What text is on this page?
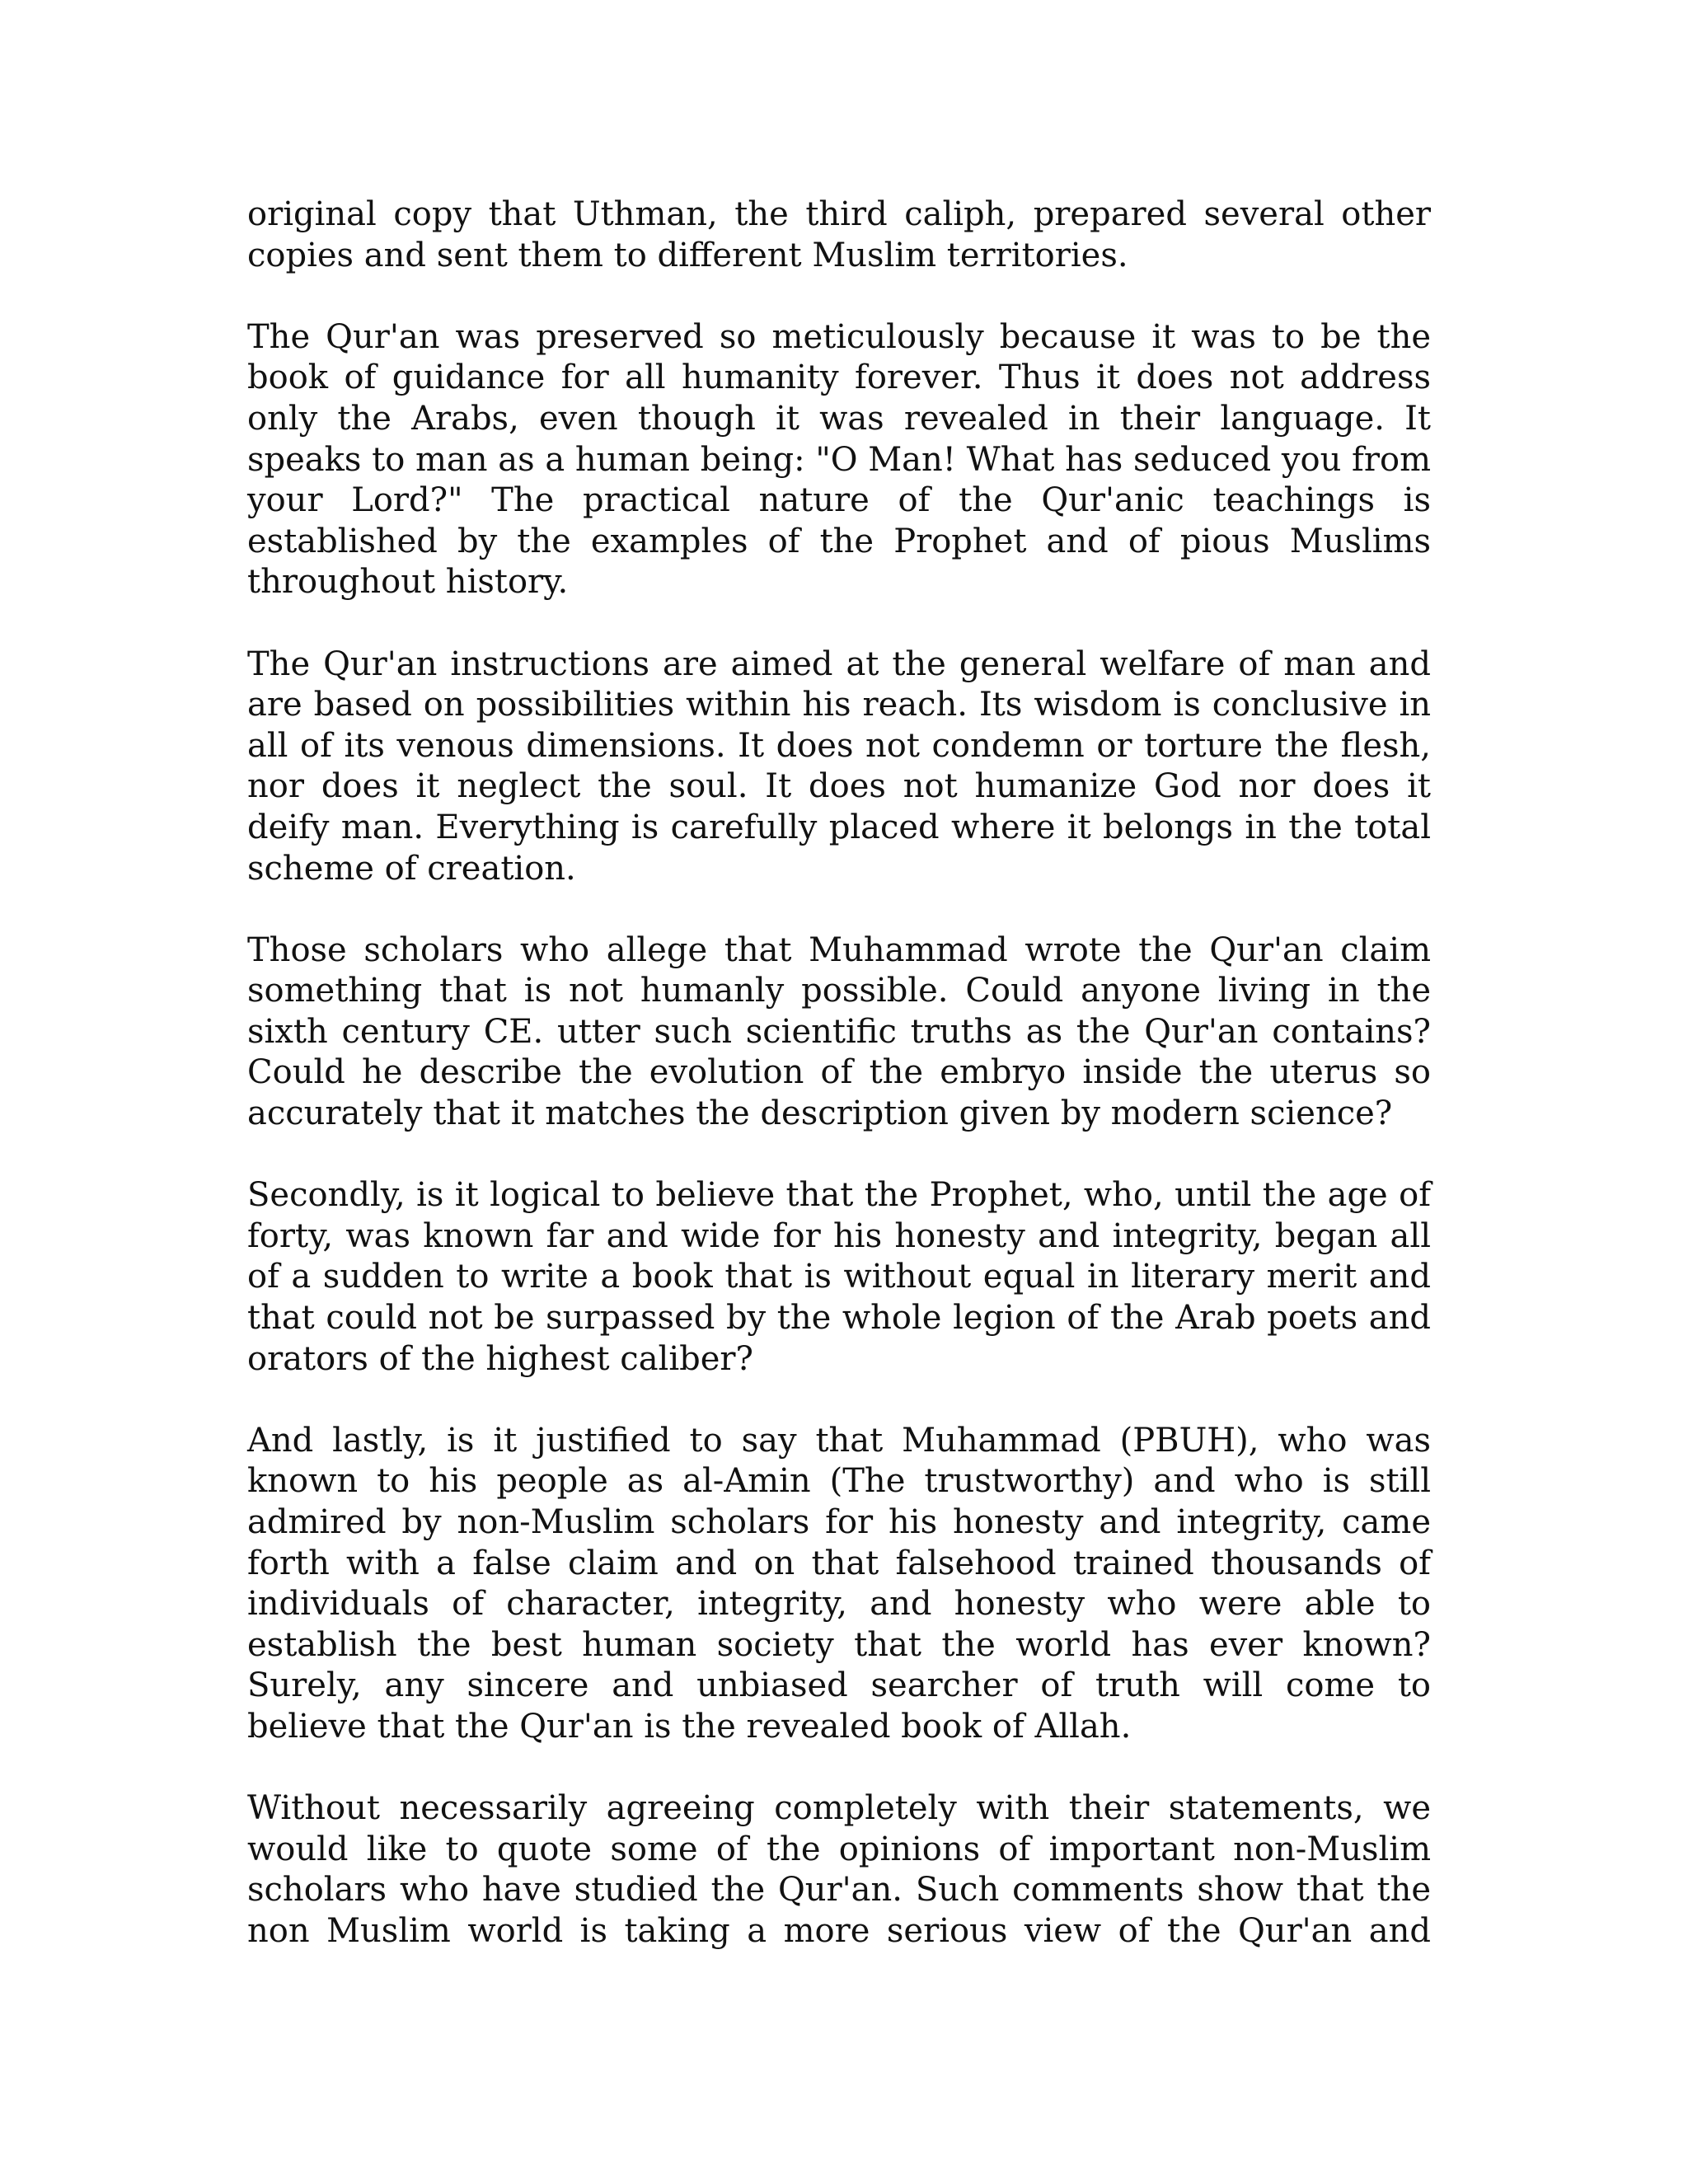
original copy that Uthman, the third caliph, prepared several other copies and sent them to different Muslim territories.

The Qur'an was preserved so meticulously because it was to be the book of guidance for all humanity forever. Thus it does not address only the Arabs, even though it was revealed in their language. It speaks to man as a human being: "O Man! What has seduced you from your Lord?" The practical nature of the Qur'anic teachings is established by the examples of the Prophet and of pious Muslims throughout history.

The Qur'an instructions are aimed at the general welfare of man and are based on possibilities within his reach. Its wisdom is conclusive in all of its venous dimensions. It does not condemn or torture the flesh, nor does it neglect the soul. It does not humanize God nor does it deify man. Everything is carefully placed where it belongs in the total scheme of creation.

Those scholars who allege that Muhammad wrote the Qur'an claim something that is not humanly possible. Could anyone living in the sixth century CE. utter such scientific truths as the Qur'an contains? Could he describe the evolution of the embryo inside the uterus so accurately that it matches the description given by modern science?

Secondly, is it logical to believe that the Prophet, who, until the age of forty, was known far and wide for his honesty and integrity, began all of a sudden to write a book that is without equal in literary merit and that could not be surpassed by the whole legion of the Arab poets and orators of the highest caliber?

And lastly, is it justified to say that Muhammad (PBUH), who was known to his people as al-Amin (The trustworthy) and who is still admired by non-Muslim scholars for his honesty and integrity, came forth with a false claim and on that falsehood trained thousands of individuals of character, integrity, and honesty who were able to establish the best human society that the world has ever known? Surely, any sincere and unbiased searcher of truth will come to believe that the Qur'an is the revealed book of Allah.

Without necessarily agreeing completely with their statements, we would like to quote some of the opinions of important non-Muslim scholars who have studied the Qur'an. Such comments show that the non Muslim world is taking a more serious view of the Qur'an and
